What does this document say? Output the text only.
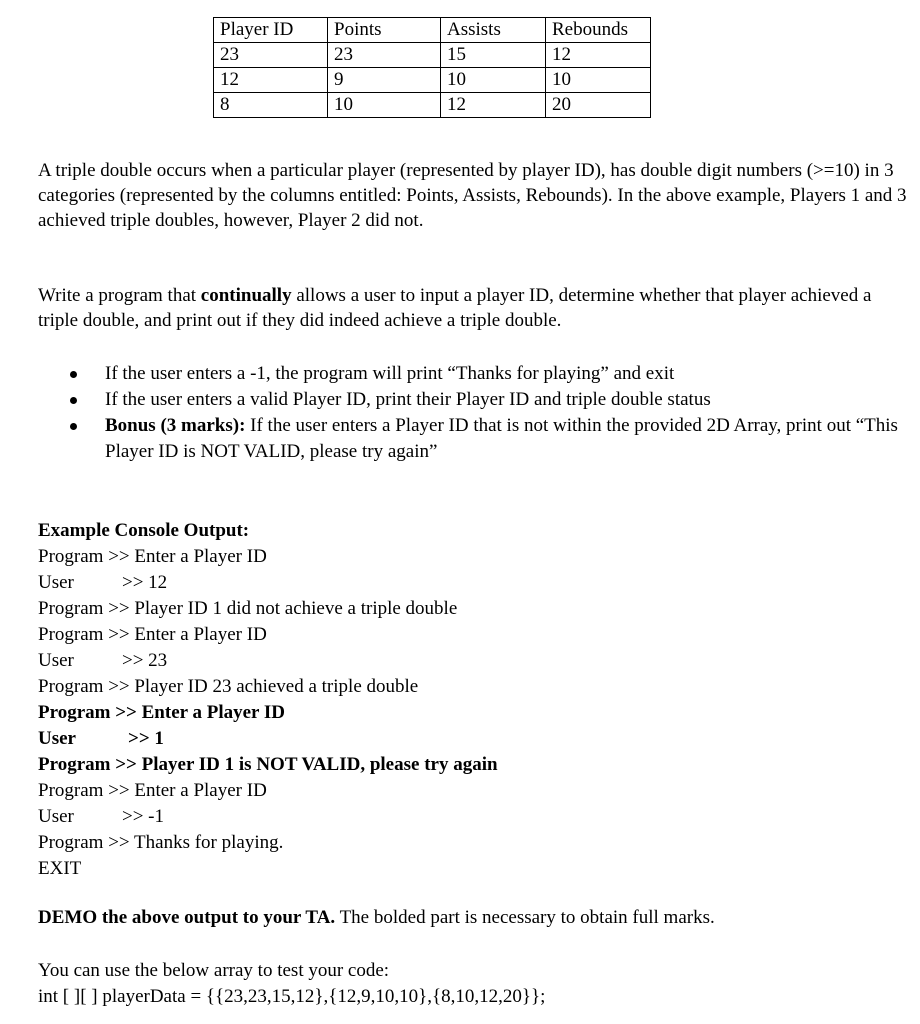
Player ID	Points	Assists	Rebounds
23	23	15	12
12	9	10	10
8	10	12	20

A triple double occurs when a particular player (represented by player ID), has double digit numbers (>=10) in 3 categories (represented by the columns entitled: Points, Assists, Rebounds). In the above example, Players 1 and 3 achieved triple doubles, however, Player 2 did not.

Write a program that continually allows a user to input a player ID, determine whether that player achieved a triple double, and print out if they did indeed achieve a triple double.

If the user enters a -1, the program will print “Thanks for playing” and exit
If the user enters a valid Player ID, print their Player ID and triple double status
Bonus (3 marks): If the user enters a Player ID that is not within the provided 2D Array, print out “This Player ID is NOT VALID, please try again”
Example Console Output:
Program >> Enter a Player ID
User	>> 12
Program >> Player ID 1 did not achieve a triple double
Program >> Enter a Player ID
User	>> 23
Program >> Player ID 23 achieved a triple double
Program >> Enter a Player ID
User	>> 1
Program >> Player ID 1 is NOT VALID, please try again
Program >> Enter a Player ID
User	>> -1
Program >> Thanks for playing.
EXIT

DEMO the above output to your TA. The bolded part is necessary to obtain full marks.

You can use the below array to test your code:
int [ ][ ] playerData = {{23,23,15,12},{12,9,10,10},{8,10,12,20}};
